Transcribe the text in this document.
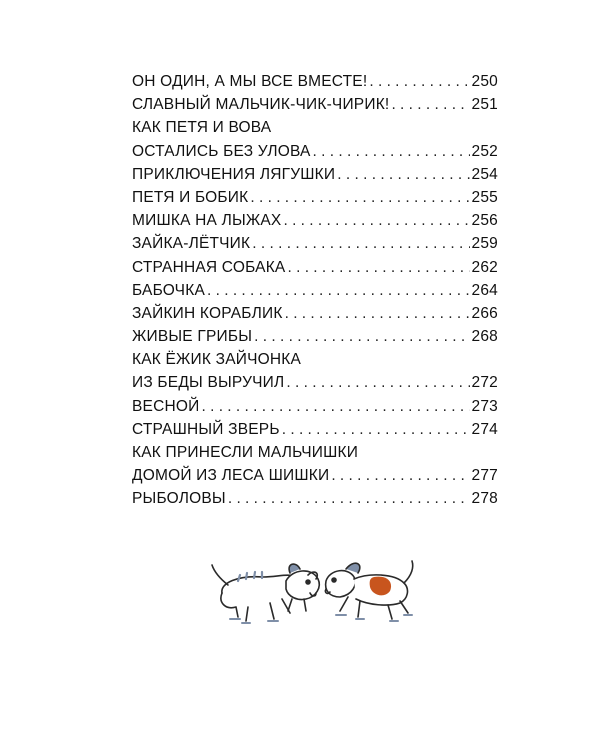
ОН ОДИН, А МЫ ВСЕ ВМЕСТЕ! . . .	250
СЛАВНЫЙ МАЛЬЧИК-ЧИК-ЧИРИК! . . .	251
КАК ПЕТЯ И ВОВА
ОСТАЛИСЬ БЕЗ УЛОВА . . .	252
ПРИКЛЮЧЕНИЯ ЛЯГУШКИ . . .	254
ПЕТЯ И БОБИК . . .	255
МИШКА НА ЛЫЖАХ . . .	256
ЗАЙКА-ЛЁТЧИК . . .	259
СТРАННАЯ СОБАКА . . .	262
БАБОЧКА . . .	264
ЗАЙКИН КОРАБЛИК . . .	266
ЖИВЫЕ ГРИБЫ . . .	268
КАК ЁЖИК ЗАЙЧОНКА
ИЗ БЕДЫ ВЫРУЧИЛ . . .	272
ВЕСНОЙ . . .	273
СТРАШНЫЙ ЗВЕРЬ . . .	274
КАК ПРИНЕСЛИ МАЛЬЧИШКИ
ДОМОЙ ИЗ ЛЕСА ШИШКИ . . .	277
РЫБОЛОВЫ . . .	278
